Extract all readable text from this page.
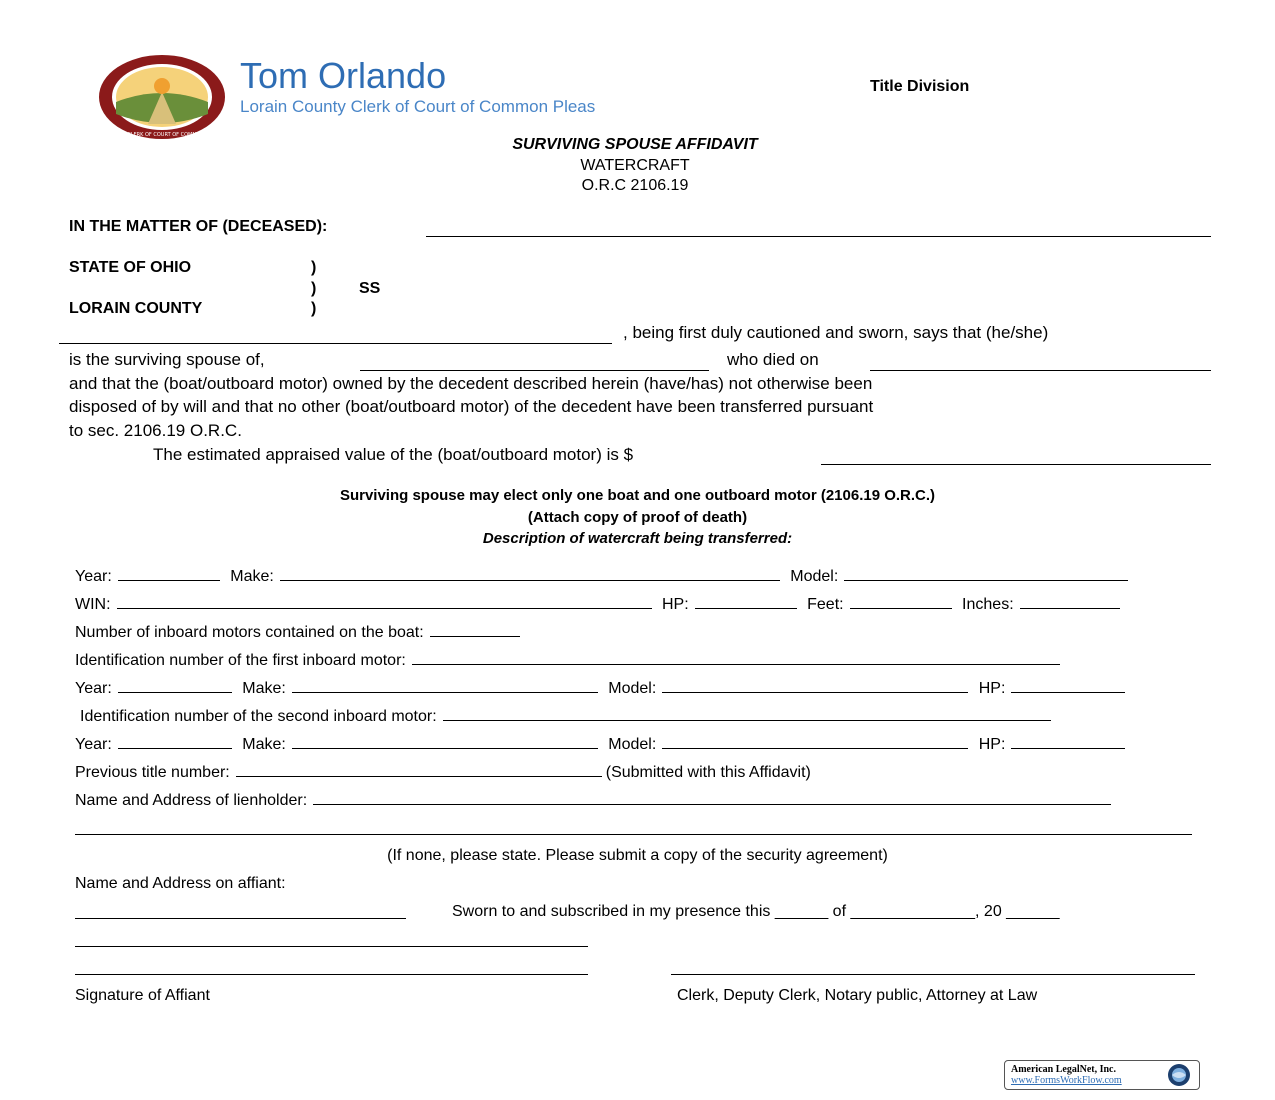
LORAIN COUNTY CLERK OF COURT OF COMMON PLEAS · OHIO
Tom Orlando
Lorain County Clerk of Court of Common Pleas
Title Division
SURVIVING SPOUSE AFFIDAVIT
WATERCRAFT
O.R.C 2106.19
IN THE MATTER OF (DECEASED):
STATE OF OHIO	)
)	SS
LORAIN COUNTY	)
, being first duly cautioned and sworn, says that (he/she)
is the surviving spouse of,	who died on
and that the (boat/outboard motor) owned by the decedent described herein (have/has) not otherwise been
disposed of by will and that no other (boat/outboard motor) of the decedent have been transferred pursuant
to sec. 2106.19 O.R.C.
The estimated appraised value of the (boat/outboard motor) is $
Surviving spouse may elect only one boat and one outboard motor (2106.19 O.R.C.)
(Attach copy of proof of death)
Description of watercraft being transferred:
Year:	Make:	Model:
WIN:	HP:	Feet:	Inches:
Number of inboard motors contained on the boat:
Identification number of the first inboard motor:
Year:	Make:	Model:	HP:
Identification number of the second inboard motor:
Year:	Make:	Model:	HP:
Previous title number:	(Submitted with this Affidavit)
Name and Address of lienholder:
(If none, please state. Please submit a copy of the security agreement)
Name and Address on affiant:
Sworn to and subscribed in my presence this ______ of ______________, 20 ______
Signature of Affiant	Clerk, Deputy Clerk, Notary public, Attorney at Law
American LegalNet, Inc.
www.FormsWorkFlow.com
